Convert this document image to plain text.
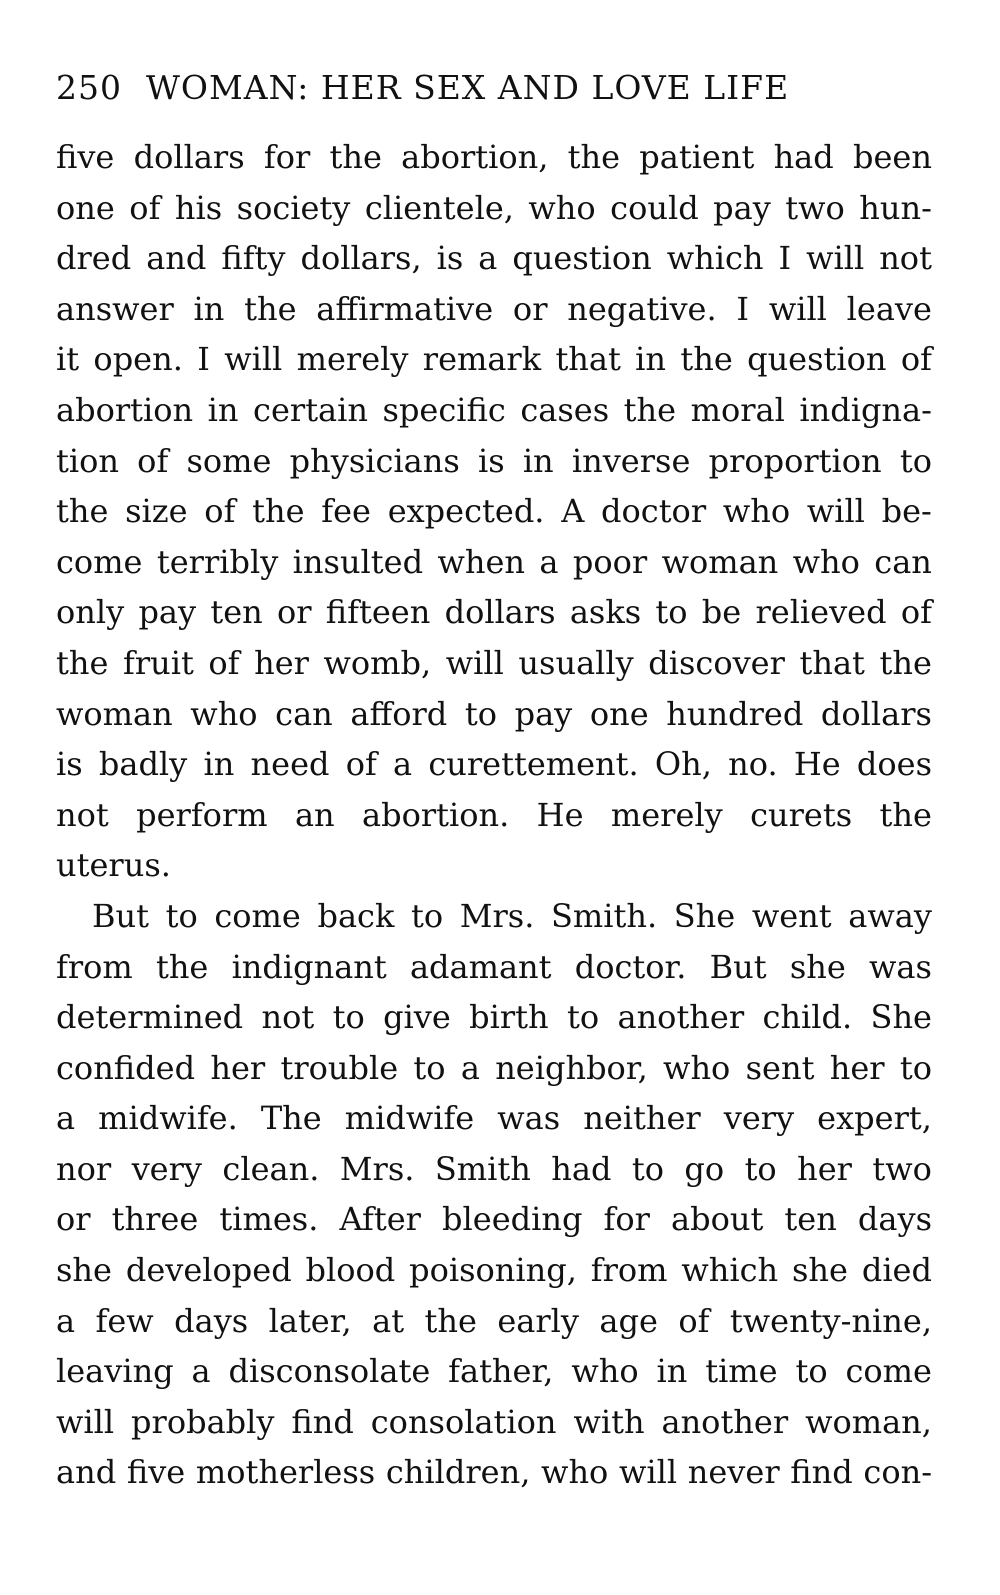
250 WOMAN: HER SEX AND LOVE LIFE
five dollars for the abortion, the patient had been
one of his society clientele, who could pay two hun-
dred and fifty dollars, is a question which I will not
answer in the affirmative or negative. I will leave
it open. I will merely remark that in the question of
abortion in certain specific cases the moral indigna-
tion of some physicians is in inverse proportion to
the size of the fee expected. A doctor who will be-
come terribly insulted when a poor woman who can
only pay ten or fifteen dollars asks to be relieved of
the fruit of her womb, will usually discover that the
woman who can afford to pay one hundred dollars
is badly in need of a curettement. Oh, no. He does
not perform an abortion. He merely curets the
uterus.
But to come back to Mrs. Smith. She went away
from the indignant adamant doctor. But she was
determined not to give birth to another child. She
confided her trouble to a neighbor, who sent her to
a midwife. The midwife was neither very expert,
nor very clean. Mrs. Smith had to go to her two
or three times. After bleeding for about ten days
she developed blood poisoning, from which she died
a few days later, at the early age of twenty-nine,
leaving a disconsolate father, who in time to come
will probably find consolation with another woman,
and five motherless children, who will never find con-
